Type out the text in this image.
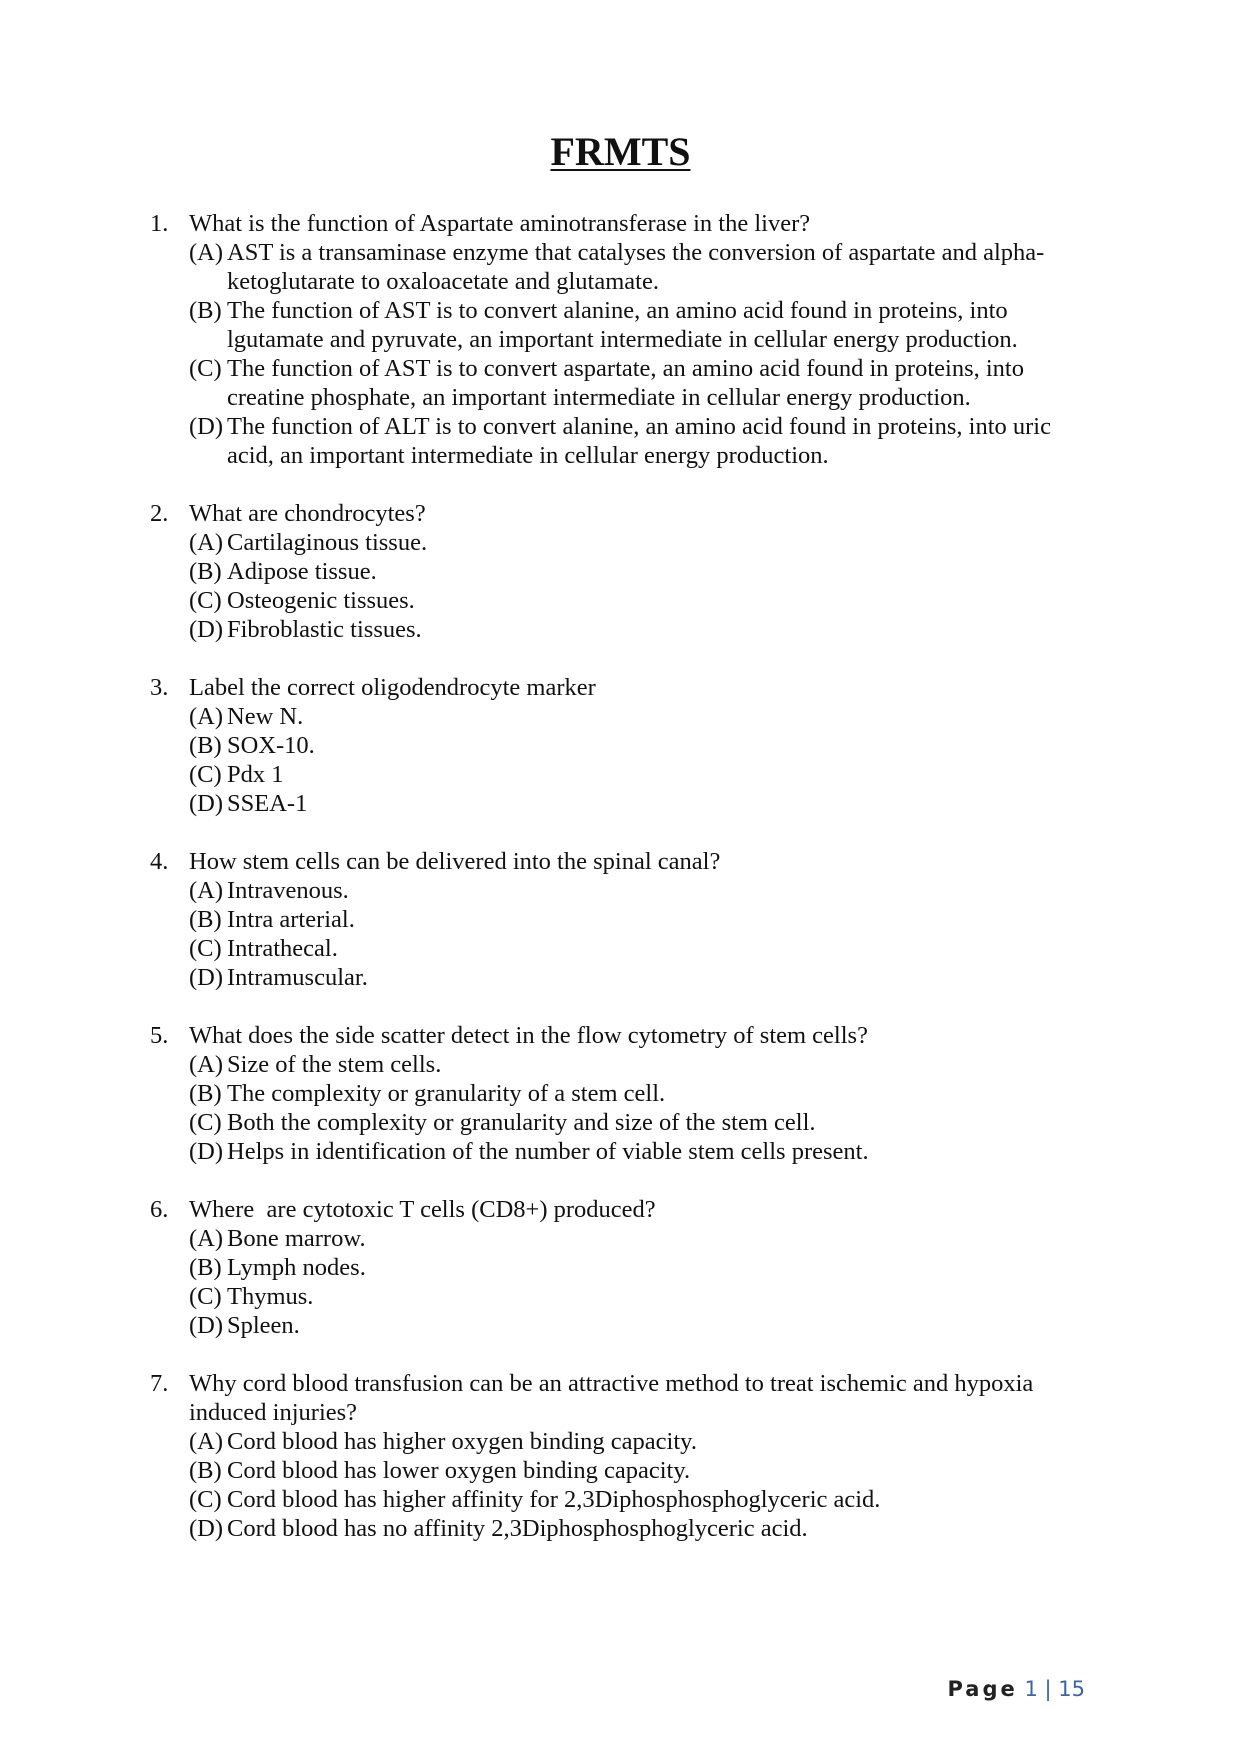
FRMTS
1. What is the function of Aspartate aminotransferase in the liver?
(A) AST is a transaminase enzyme that catalyses the conversion of aspartate and alpha-ketoglutarate to oxaloacetate and glutamate.
(B) The function of AST is to convert alanine, an amino acid found in proteins, into lgutamate and pyruvate, an important intermediate in cellular energy production.
(C) The function of AST is to convert aspartate, an amino acid found in proteins, into creatine phosphate, an important intermediate in cellular energy production.
(D) The function of ALT is to convert alanine, an amino acid found in proteins, into uric acid, an important intermediate in cellular energy production.
2. What are chondrocytes?
(A) Cartilaginous tissue.
(B) Adipose tissue.
(C) Osteogenic tissues.
(D) Fibroblastic tissues.
3. Label the correct oligodendrocyte marker
(A) New N.
(B) SOX-10.
(C) Pdx 1
(D) SSEA-1
4. How stem cells can be delivered into the spinal canal?
(A) Intravenous.
(B) Intra arterial.
(C) Intrathecal.
(D) Intramuscular.
5. What does the side scatter detect in the flow cytometry of stem cells?
(A) Size of the stem cells.
(B) The complexity or granularity of a stem cell.
(C) Both the complexity or granularity and size of the stem cell.
(D) Helps in identification of the number of viable stem cells present.
6. Where  are cytotoxic T cells (CD8+) produced?
(A) Bone marrow.
(B) Lymph nodes.
(C) Thymus.
(D) Spleen.
7. Why cord blood transfusion can be an attractive method to treat ischemic and hypoxia induced injuries?
(A) Cord blood has higher oxygen binding capacity.
(B) Cord blood has lower oxygen binding capacity.
(C) Cord blood has higher affinity for 2,3Diphosphosphoglyceric acid.
(D) Cord blood has no affinity 2,3Diphosphosphoglyceric acid.
Page 1 | 15
